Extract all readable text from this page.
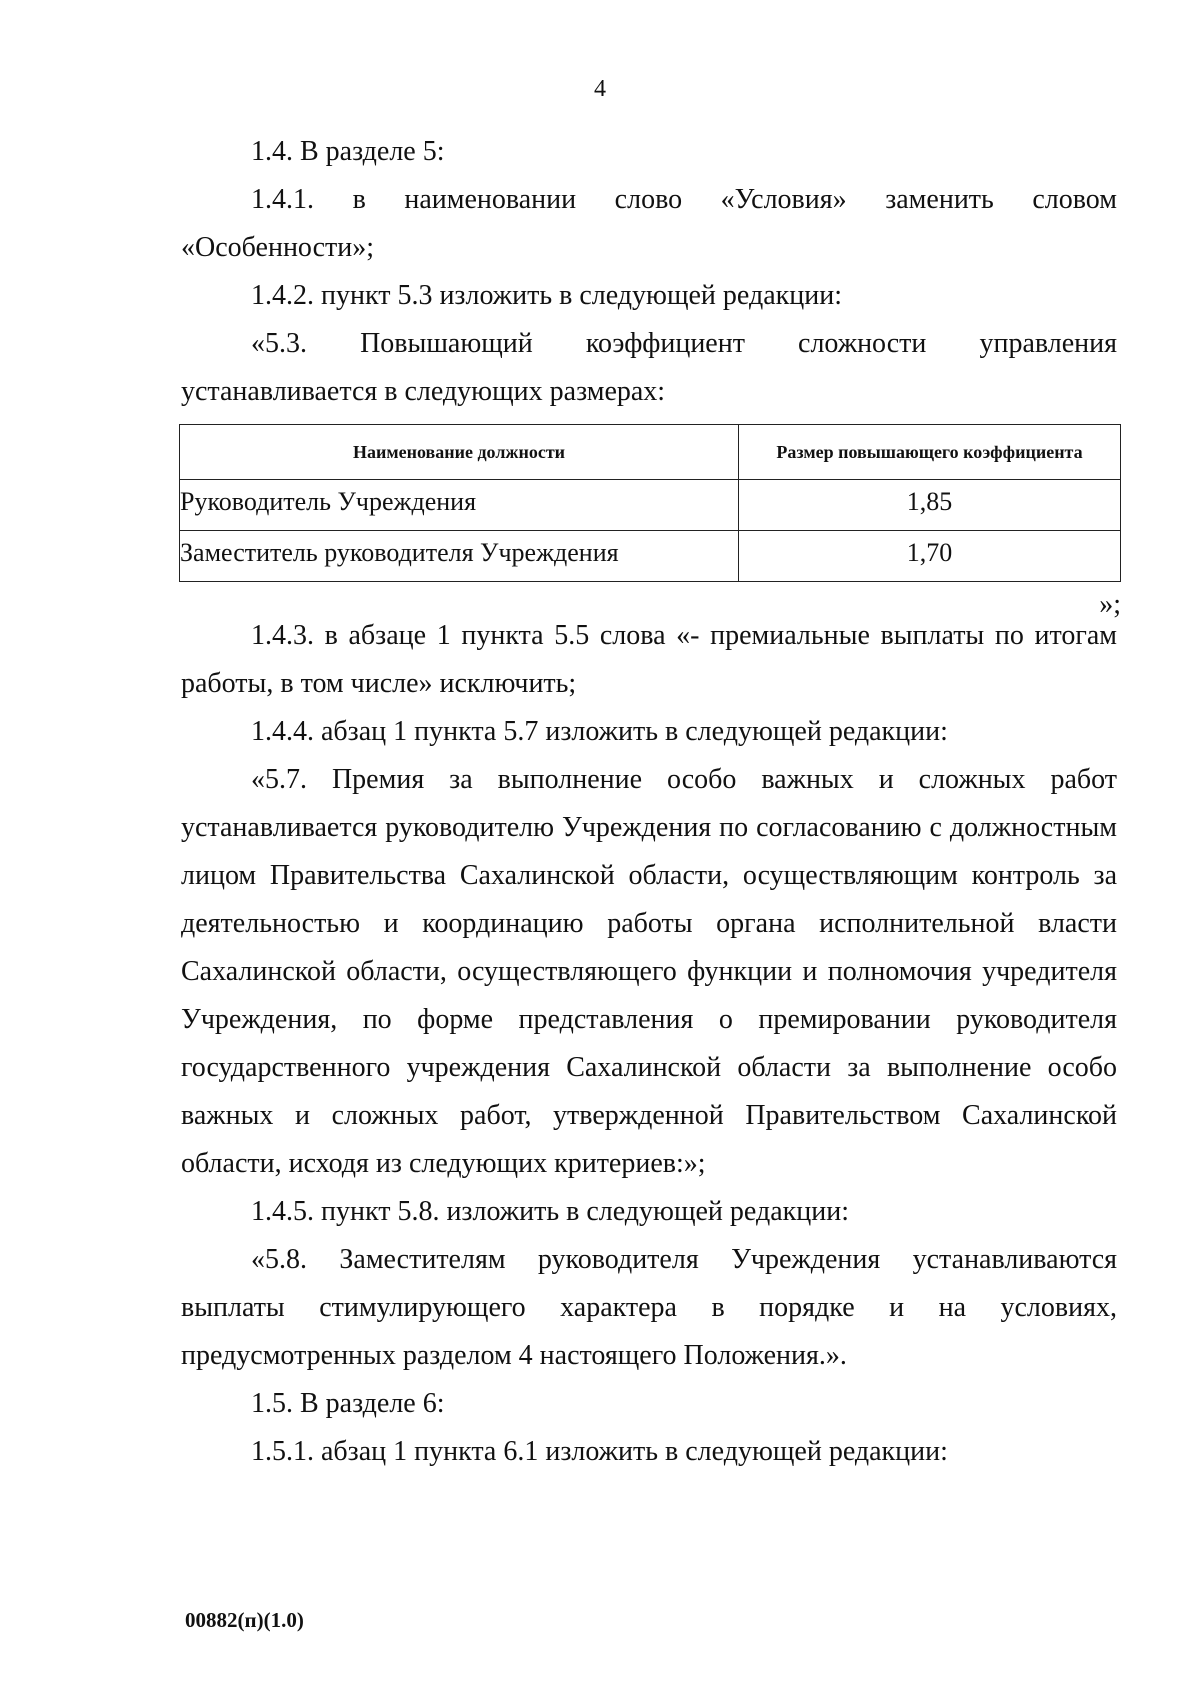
4

1.4. В разделе 5:

1.4.1. в наименовании слово «Условия» заменить словом «Особенности»;

1.4.2. пункт 5.3 изложить в следующей редакции:

«5.3. Повышающий коэффициент сложности управления устанавливается в следующих размерах:

Наименование должности	Размер повышающего коэффициента
Руководитель Учреждения	1,85
Заместитель руководителя Учреждения	1,70
»;

1.4.3. в абзаце 1 пункта 5.5 слова «- премиальные выплаты по итогам работы, в том числе» исключить;

1.4.4. абзац 1 пункта 5.7 изложить в следующей редакции:

«5.7. Премия за выполнение особо важных и сложных работ устанавливается руководителю Учреждения по согласованию с должностным лицом Правительства Сахалинской области, осуществляющим контроль за деятельностью и координацию работы органа исполнительной власти Сахалинской области, осуществляющего функции и полномочия учредителя Учреждения, по форме представления о премировании руководителя государственного учреждения Сахалинской области за выполнение особо важных и сложных работ, утвержденной Правительством Сахалинской области, исходя из следующих критериев:»;

1.4.5. пункт 5.8. изложить в следующей редакции:

«5.8. Заместителям руководителя Учреждения устанавливаются выплаты стимулирующего характера в порядке и на условиях, предусмотренных разделом 4 настоящего Положения.».

1.5. В разделе 6:

1.5.1. абзац 1 пункта 6.1 изложить в следующей редакции:

00882(п)(1.0)
